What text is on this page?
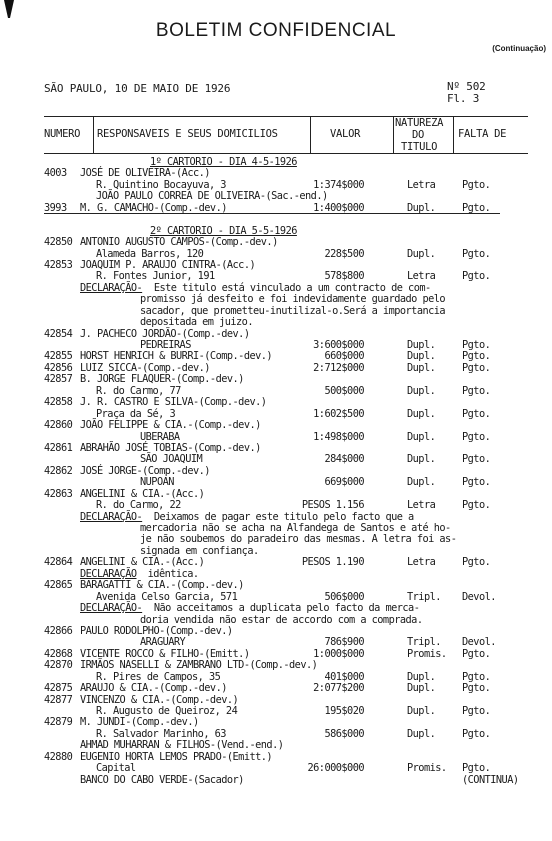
BOLETIM CONFIDENCIAL
(Continuação)
SÃO PAULO, 10 DE MAIO DE 1926	Nº 502
Fl. 3
NUMERO RESPONSAVEIS E SEUS DOMICILIOS	VALOR
NATUREZA
DO
TITULO
FALTA DE
1º CARTORIO - DIA 4-5-1926
4003 JOSÉ DE OLIVEIRA-(Acc.)
R. Quintino Bocayuva, 3	1:374$000	Letra	Pgto.
JOÃO PAULO CORREA DE OLIVEIRA-(Sac.-end.)
3993 M. G. CAMACHO-(Comp.-dev.)	1:400$000	Dupl.	Pgto.
2º CARTORIO - DIA 5-5-1926
42850 ANTONIO AUGUSTO CAMPOS-(Comp.-dev.)
Alameda Barros, 120	228$500	Dupl.	Pgto.
42853 JOAQUIM P. ARAUJO CINTRA-(Acc.)
R. Fontes Junior, 191	578$800	Letra	Pgto.
DECLARAÇÃO- Este titulo está vinculado a um contracto de com-
promisso já desfeito e foi indevidamente guardado pelo
sacador, que prometteu-inutilizal-o.Será a importancia
depositada em juizo.
42854 J. PACHECO JORDÃO-(Comp.-dev.)
PEDREIRAS	3:600$000	Dupl.	Pgto.
42855 HORST HENRICH & BURRI-(Comp.-dev.)	660$000	Dupl.	Pgto.
42856 LUIZ SICCA-(Comp.-dev.)	2:712$000	Dupl.	Pgto.
42857 B. JORGE FLAQUER-(Comp.-dev.)
R. do Carmo, 77	500$000	Dupl.	Pgto.
42858 J. R. CASTRO E SILVA-(Comp.-dev.)
Praça da Sé, 3	1:602$500	Dupl.	Pgto.
42860 JOÃO FELIPPE & CIA.-(Comp.-dev.)
UBERABA	1:498$000	Dupl.	Pgto.
42861 ABRAHÃO JOSÉ TOBIAS-(Comp.-dev.)
SÃO JOAQUIM	284$000	Dupl.	Pgto.
42862 JOSÉ JORGE-(Comp.-dev.)
NUPOAN	669$000	Dupl.	Pgto.
42863 ANGELINI & CIA.-(Acc.)
R. do Carmo, 22	PESOS 1.156	Letra	Pgto.
DECLARAÇÃO- Deixamos de pagar este titulo pelo facto que a
mercadoria não se acha na Alfandega de Santos e até ho-
je não soubemos do paradeiro das mesmas. A letra foi as-
signada em confiança.
42864 ANGELINI & CIA.-(Acc.)	PESOS 1.190	Letra	Pgto.
DECLARAÇÃO idêntica.
42865 BARAGATTI & CIA.-(Comp.-dev.)
Avenida Celso Garcia, 571	506$000	Tripl. Devol.
DECLARAÇÃO- Não acceitamos a duplicata pelo facto da merca-
doria vendida não estar de accordo com a comprada.
42866 PAULO RODOLPHO-(Comp.-dev.)
ARAGUARY	786$900	Tripl. Devol.
42868 VICENTE ROCCO & FILHO-(Emitt.)	1:000$000	Promis. Pgto.
42870 IRMÃOS NASELLI & ZAMBRANO LTD-(Comp.-dev.)
R. Pires de Campos, 35	401$000	Dupl.	Pgto.
42875 ARAUJO & CIA.-(Comp.-dev.)	2:077$200	Dupl.	Pgto.
42877 VINCENZO & CIA.-(Comp.-dev.)
R. Augusto de Queiroz, 24	195$020	Dupl.	Pgto.
42879 M. JUNDI-(Comp.-dev.)
R. Salvador Marinho, 63	586$000	Dupl.	Pgto.
AHMAD MUHARRAN & FILHOS-(Vend.-end.)
42880 EUGENIO HORTA LEMOS PRADO-(Emitt.)
Capital	26:000$000	Promis. Pgto.
BANCO DO CABO VERDE-(Sacador)	(CONTINUA)
